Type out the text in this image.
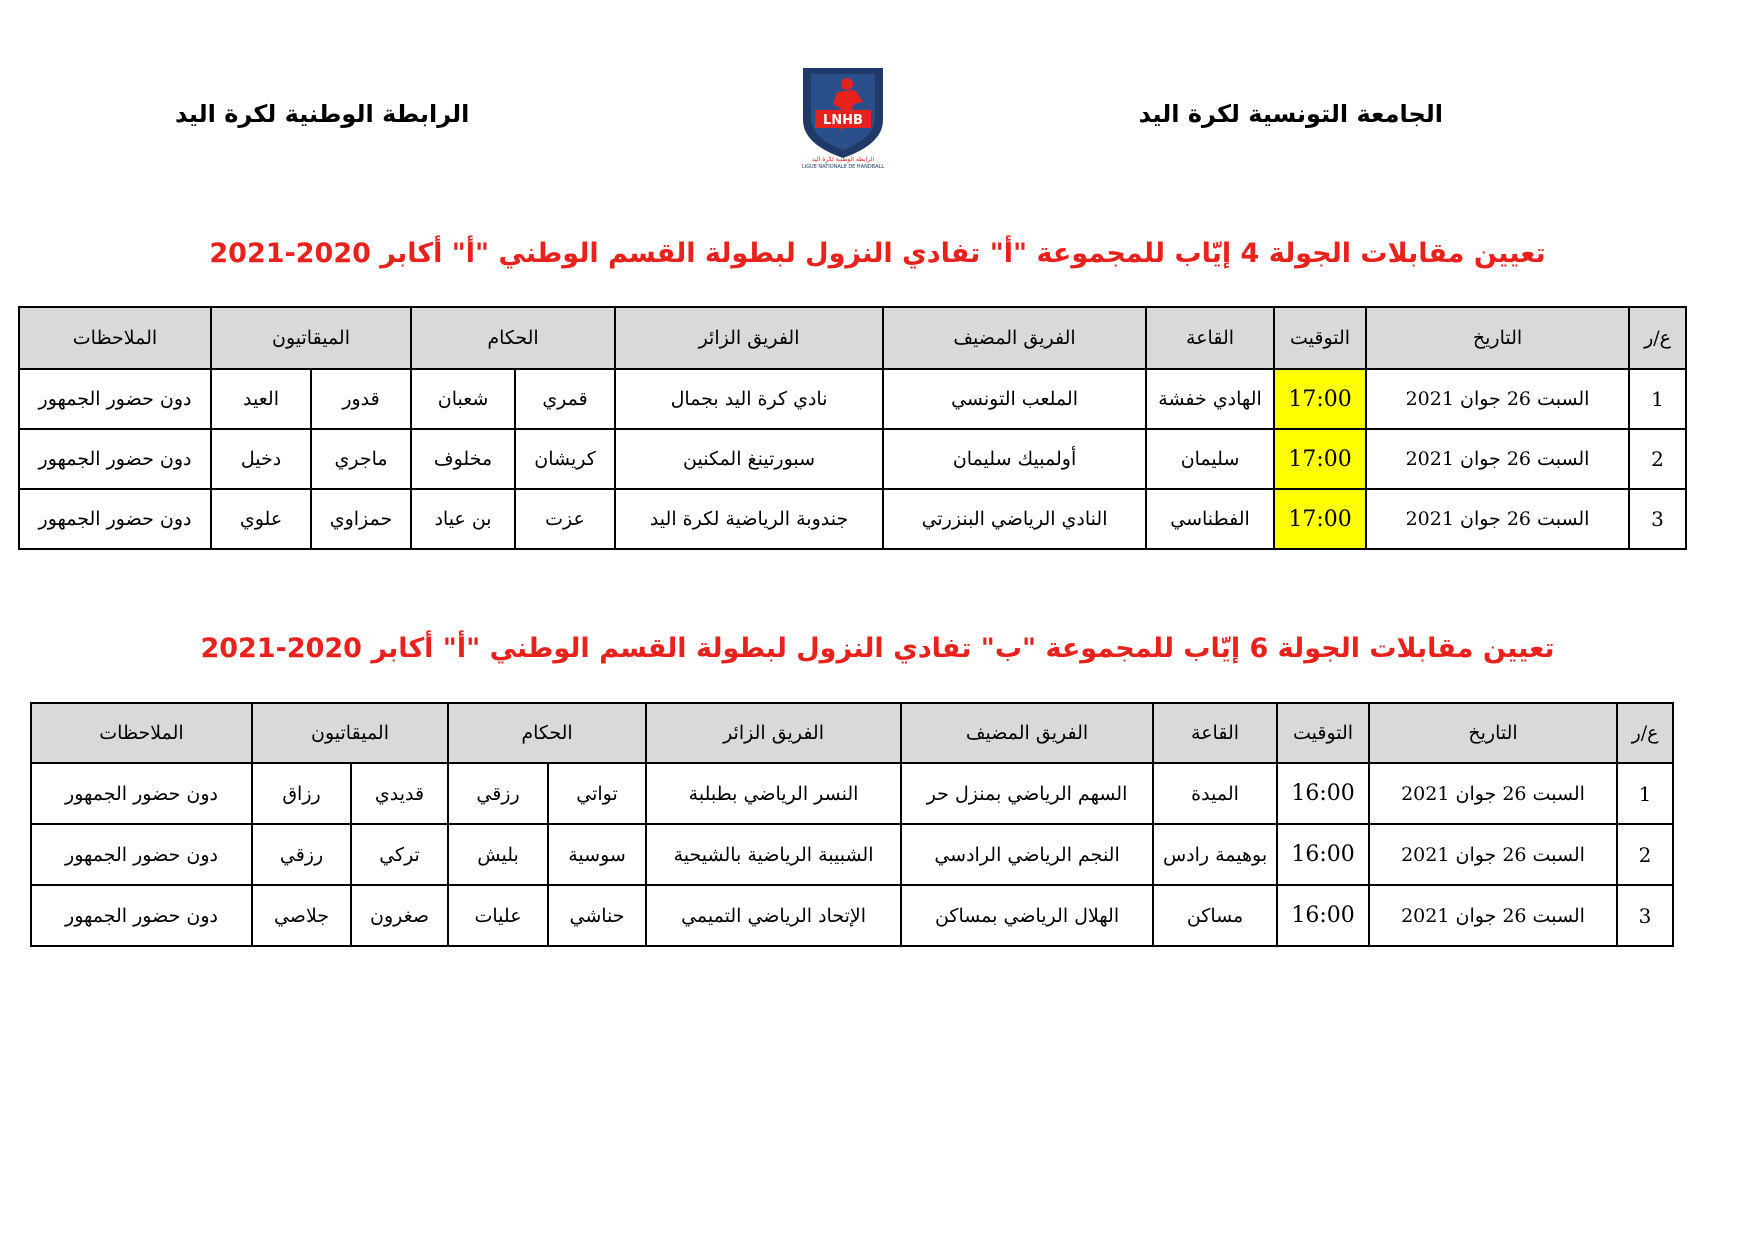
الجامعة التونسية لكرة اليد
الرابطة الوطنية لكرة اليد	LNHB
الرابطة الوطنية لكرة اليد
LIGUE NATIONALE DE HANDBALL
تعيين مقابلات الجولة 4 إيّاب للمجموعة "أ" تفادي النزول لبطولة القسم الوطني "أ" أكابر 2020-2021
ع/ر	التاريخ	التوقيت	القاعة	الفريق المضيف	الفريق الزائر	الحكام		الميقاتيون		الملاحظات
1	السبت 26 جوان 2021	17:00	الهادي خفشة	الملعب التونسي	نادي كرة اليد بجمال	قمري	شعبان	قدور	العيد	دون حضور الجمهور
2	السبت 26 جوان 2021	17:00	سليمان	أولمبيك سليمان	سبورتينغ المكنين	كريشان	مخلوف	ماجري	دخيل	دون حضور الجمهور
3	السبت 26 جوان 2021	17:00	الفطناسي	النادي الرياضي البنزرتي	جندوبة الرياضية لكرة اليد	عزت	بن عياد	حمزاوي	علوي	دون حضور الجمهور
تعيين مقابلات الجولة 6 إيّاب للمجموعة "ب" تفادي النزول لبطولة القسم الوطني "أ" أكابر 2020-2021
ع/ر	التاريخ	التوقيت	القاعة	الفريق المضيف	الفريق الزائر	الحكام		الميقاتيون		الملاحظات
1	السبت 26 جوان 2021	16:00	الميدة	السهم الرياضي بمنزل حر	النسر الرياضي بطبلبة	تواتي	رزقي	قديدي	رزاق	دون حضور الجمهور
2	السبت 26 جوان 2021	16:00	بوهيمة رادس	النجم الرياضي الرادسي	الشبيبة الرياضية بالشيحية	سوسية	بليش	تركي	رزقي	دون حضور الجمهور
3	السبت 26 جوان 2021	16:00	مساكن	الهلال الرياضي بمساكن	الإتحاد الرياضي التميمي	حناشي	عليات	صغرون	جلاصي	دون حضور الجمهور
